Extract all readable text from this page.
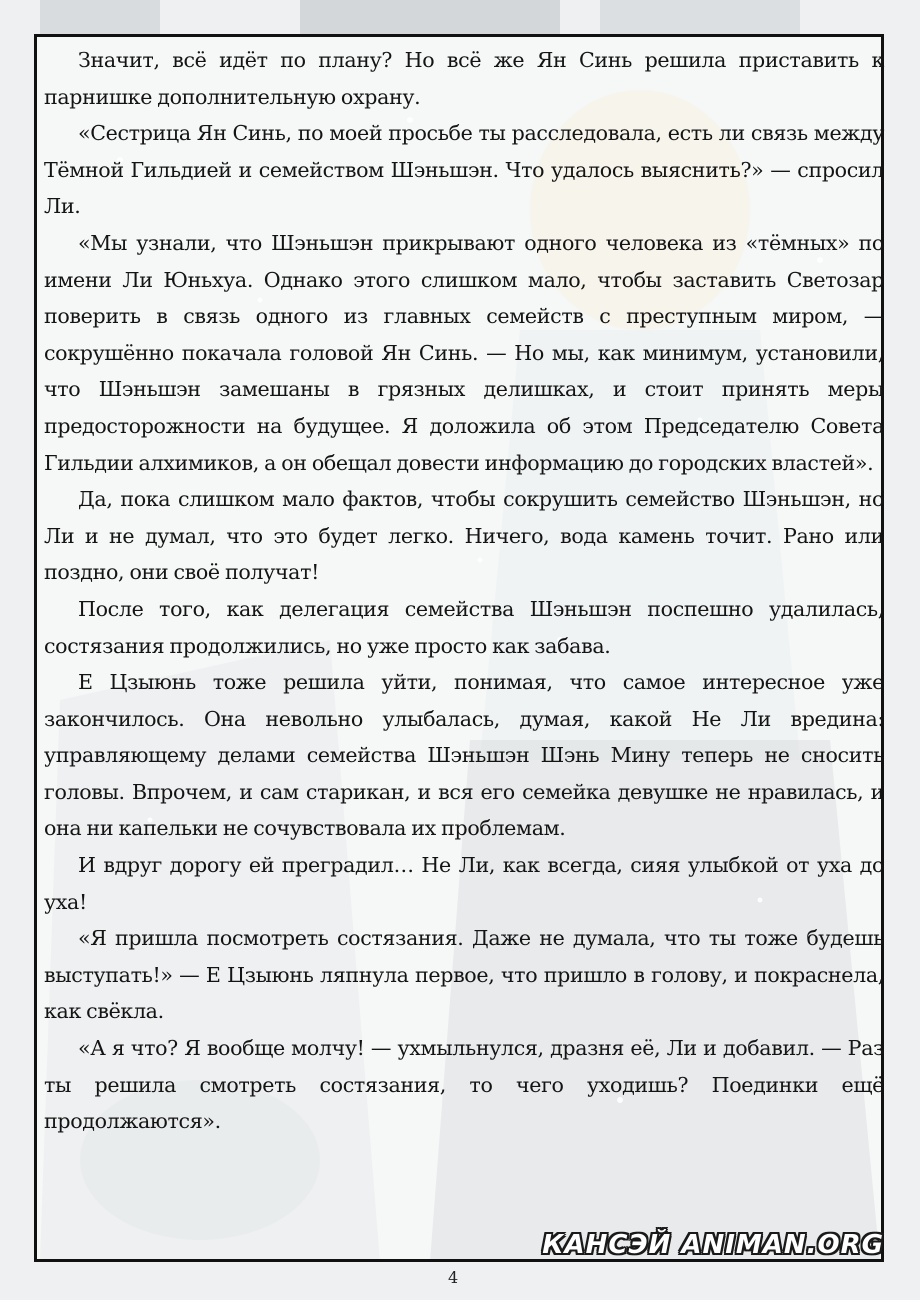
Значит, всё идёт по плану? Но всё же Ян Синь решила приставить к парнишке дополнительную охрану.

«Сестрица Ян Синь, по моей просьбе ты расследовала, есть ли связь между Тёмной Гильдией и семейством Шэньшэн. Что удалось выяснить?» — спросил Ли.

«Мы узнали, что Шэньшэн прикрывают одного человека из «тёмных» по имени Ли Юньхуа. Однако этого слишком мало, чтобы заставить Светозар поверить в связь одного из главных семейств с преступным миром, — сокрушённо покачала головой Ян Синь. — Но мы, как минимум, установили, что Шэньшэн замешаны в грязных делишках, и стоит принять меры предосторожности на будущее. Я доложила об этом Председателю Совета Гильдии алхимиков, а он обещал довести информацию до городских властей».

Да, пока слишком мало фактов, чтобы сокрушить семейство Шэньшэн, но Ли и не думал, что это будет легко. Ничего, вода камень точит. Рано или поздно, они своё получат!

После того, как делегация семейства Шэньшэн поспешно удалилась, состязания продолжились, но уже просто как забава.

Е Цзыюнь тоже решила уйти, понимая, что самое интересное уже закончилось. Она невольно улыбалась, думая, какой Не Ли вредина: управляющему делами семейства Шэньшэн Шэнь Мину теперь не сносить головы. Впрочем, и сам старикан, и вся его семейка девушке не нравилась, и она ни капельки не сочувствовала их проблемам.

И вдруг дорогу ей преградил… Не Ли, как всегда, сияя улыбкой от уха до уха!

«Я пришла посмотреть состязания. Даже не думала, что ты тоже будешь выступать!» — Е Цзыюнь ляпнула первое, что пришло в голову, и покраснела, как свёкла.

«А я что? Я вообще молчу! — ухмыльнулся, дразня её, Ли и добавил. — Раз ты решила смотреть состязания, то чего уходишь? Поединки ещё продолжаются».

КАНСЭЙ ANIMAN.ORG
4
